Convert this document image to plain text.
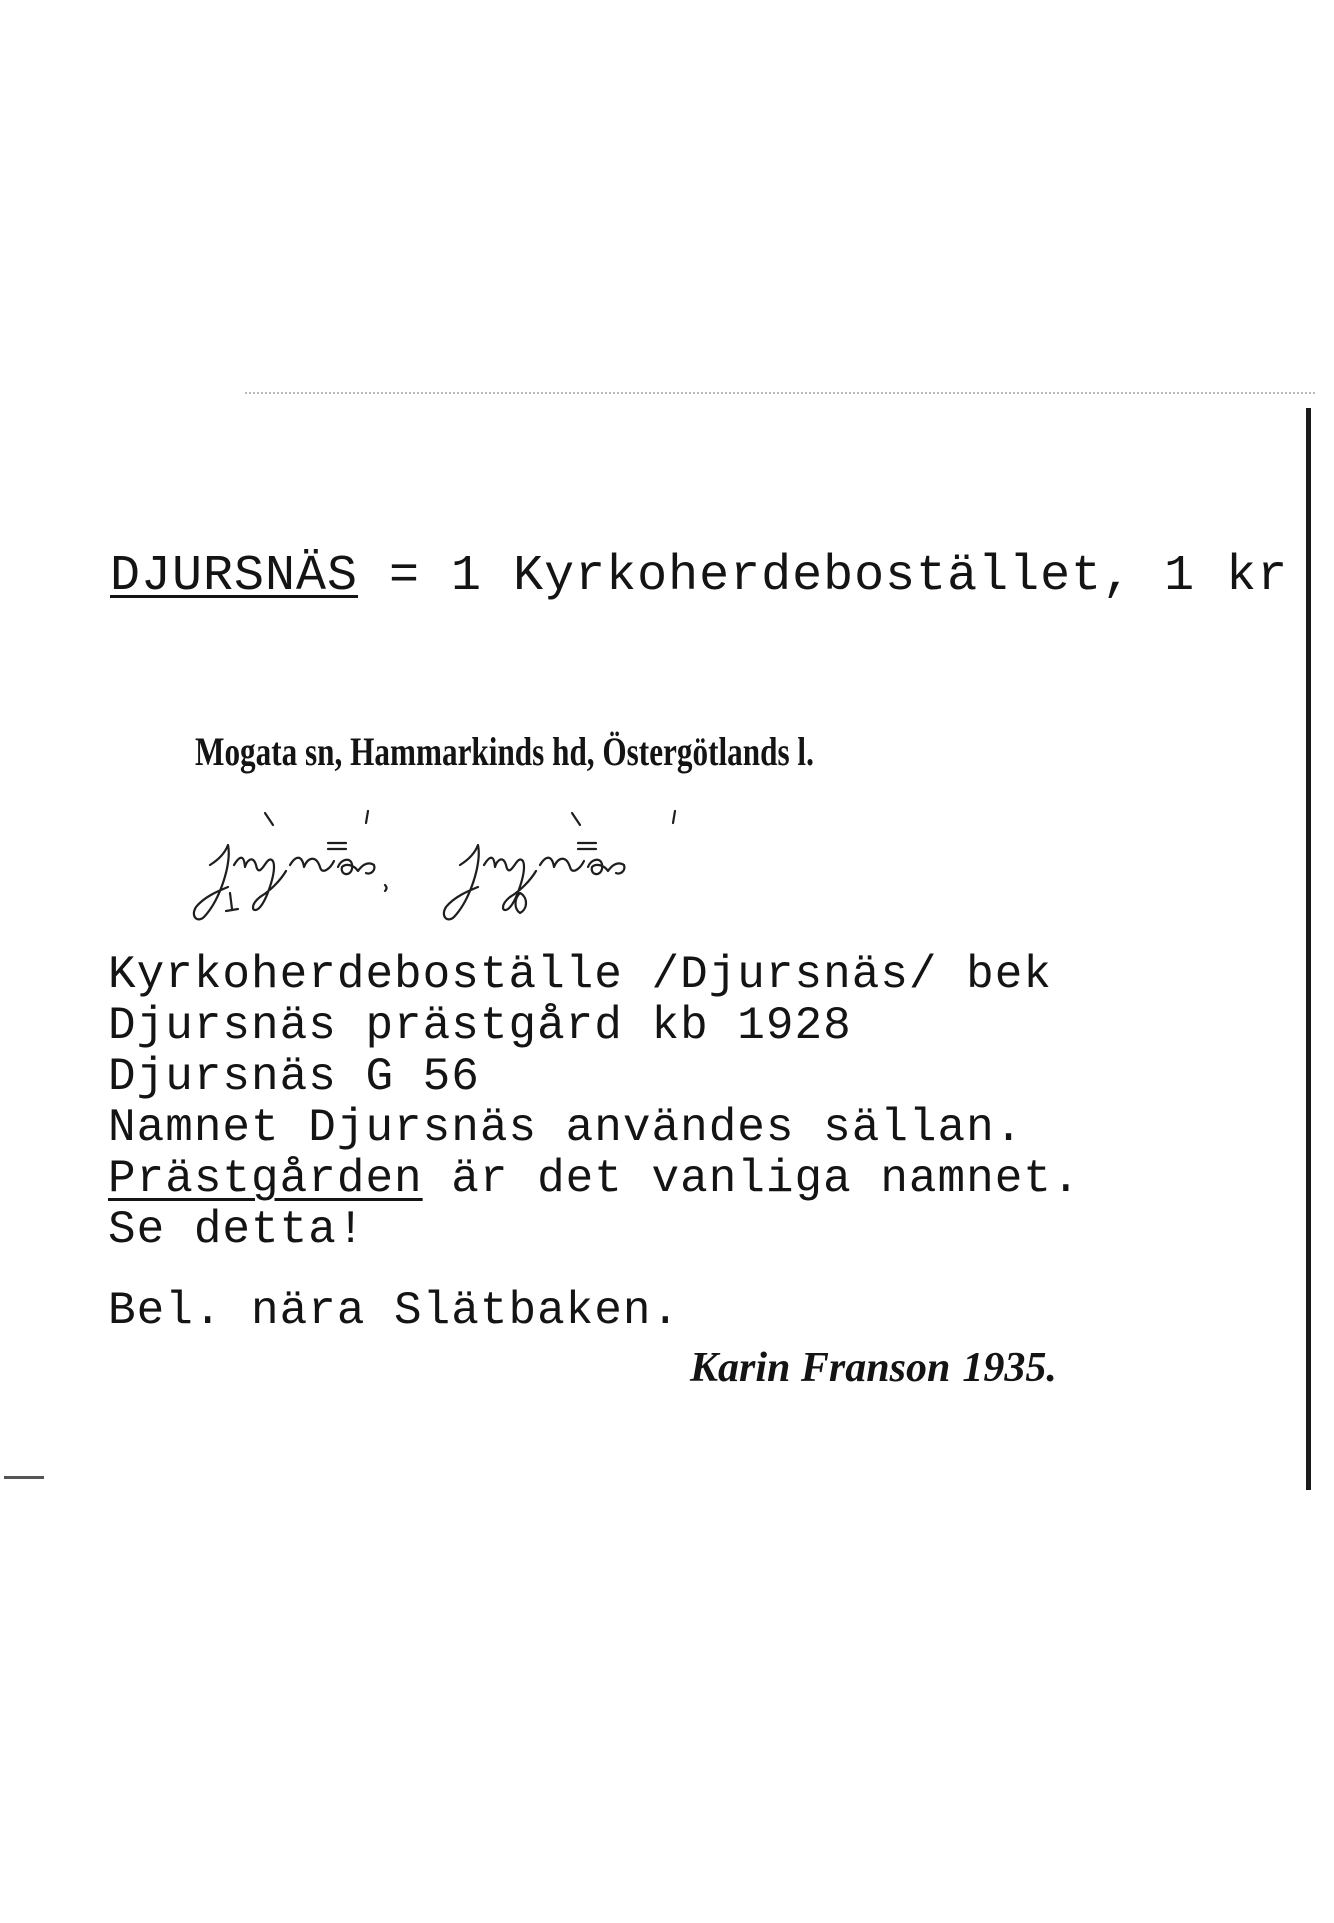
DJURSNÄS = 1 Kyrkoherdebostället, 1 kr
Mogata sn, Hammarkinds hd, Östergötlands l.
Kyrkoherdeboställe /Djursnäs/ bek
Djursnäs prästgård kb 1928
Djursnäs G 56
Namnet Djursnäs användes sällan.
Prästgården är det vanliga namnet.
Se detta!
Bel. nära Slätbaken.
Karin Franson 1935.
